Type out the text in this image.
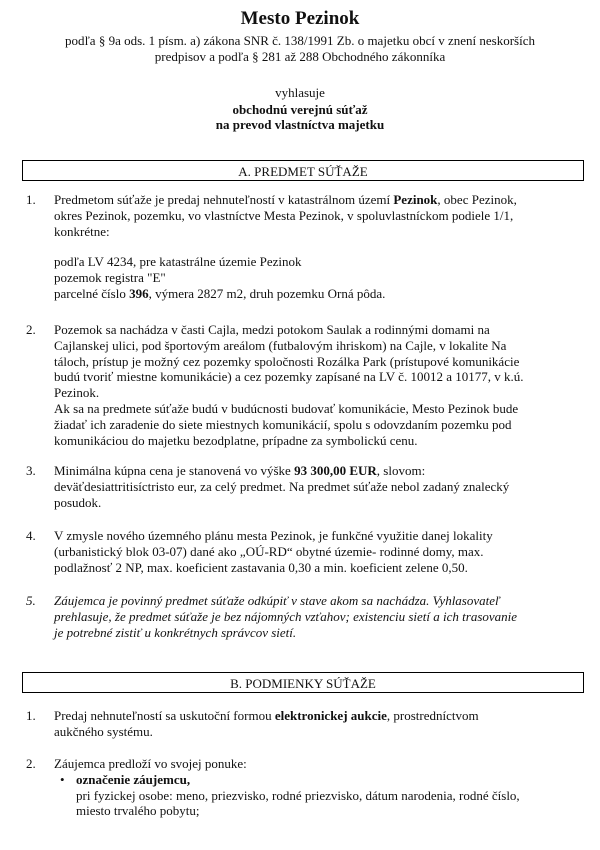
Mesto Pezinok
podľa § 9a ods. 1 písm. a) zákona SNR č. 138/1991 Zb. o majetku obcí v znení neskorších
predpisov a podľa § 281 až 288 Obchodného zákonníka
vyhlasuje
obchodnú verejnú súťaž
na prevod vlastníctva majetku
A. PREDMET SÚŤAŽE
1.	Predmetom súťaže je predaj nehnuteľností v katastrálnom území Pezinok, obec Pezinok,
okres Pezinok, pozemku, vo vlastníctve Mesta Pezinok, v spoluvlastníckom podiele 1/1,
konkrétne:
podľa LV 4234, pre katastrálne územie Pezinok
pozemok registra "E"
parcelné číslo 396, výmera 2827 m2, druh pozemku Orná pôda.
2.	Pozemok sa nachádza v časti Cajla, medzi potokom Saulak a rodinnými domami na
Cajlanskej ulici, pod športovým areálom (futbalovým ihriskom) na Cajle, v lokalite Na
táloch, prístup je možný cez pozemky spoločnosti Rozálka Park (prístupové komunikácie
budú tvoriť miestne komunikácie) a cez pozemky zapísané na LV č. 10012 a 10177, v k.ú.
Pezinok.
Ak sa na predmete súťaže budú v budúcnosti budovať komunikácie, Mesto Pezinok bude
žiadať ich zaradenie do siete miestnych komunikácií, spolu s odovzdaním pozemku pod
komunikáciou do majetku bezodplatne, prípadne za symbolickú cenu.
3.	Minimálna kúpna cena je stanovená vo výške 93 300,00 EUR, slovom:
deväťdesiattritisíctristo eur, za celý predmet. Na predmet súťaže nebol zadaný znalecký
posudok.
4.	V zmysle nového územného plánu mesta Pezinok, je funkčné využitie danej lokality
(urbanistický blok 03-07) dané ako „OÚ-RD“ obytné územie- rodinné domy, max.
podlažnosť 2 NP, max. koeficient zastavania 0,30 a min. koeficient zelene 0,50.
5.	Záujemca je povinný predmet súťaže odkúpiť v stave akom sa nachádza. Vyhlasovateľ
prehlasuje, že predmet súťaže je bez nájomných vzťahov; existenciu sietí a ich trasovanie
je potrebné zistiť u konkrétnych správcov sietí.
B. PODMIENKY SÚŤAŽE
1.	Predaj nehnuteľností sa uskutoční formou elektronickej aukcie, prostredníctvom
aukčného systému.
2.	Záujemca predloží vo svojej ponuke:
• označenie záujemcu,
pri fyzickej osobe: meno, priezvisko, rodné priezvisko, dátum narodenia, rodné číslo,
miesto trvalého pobytu;
